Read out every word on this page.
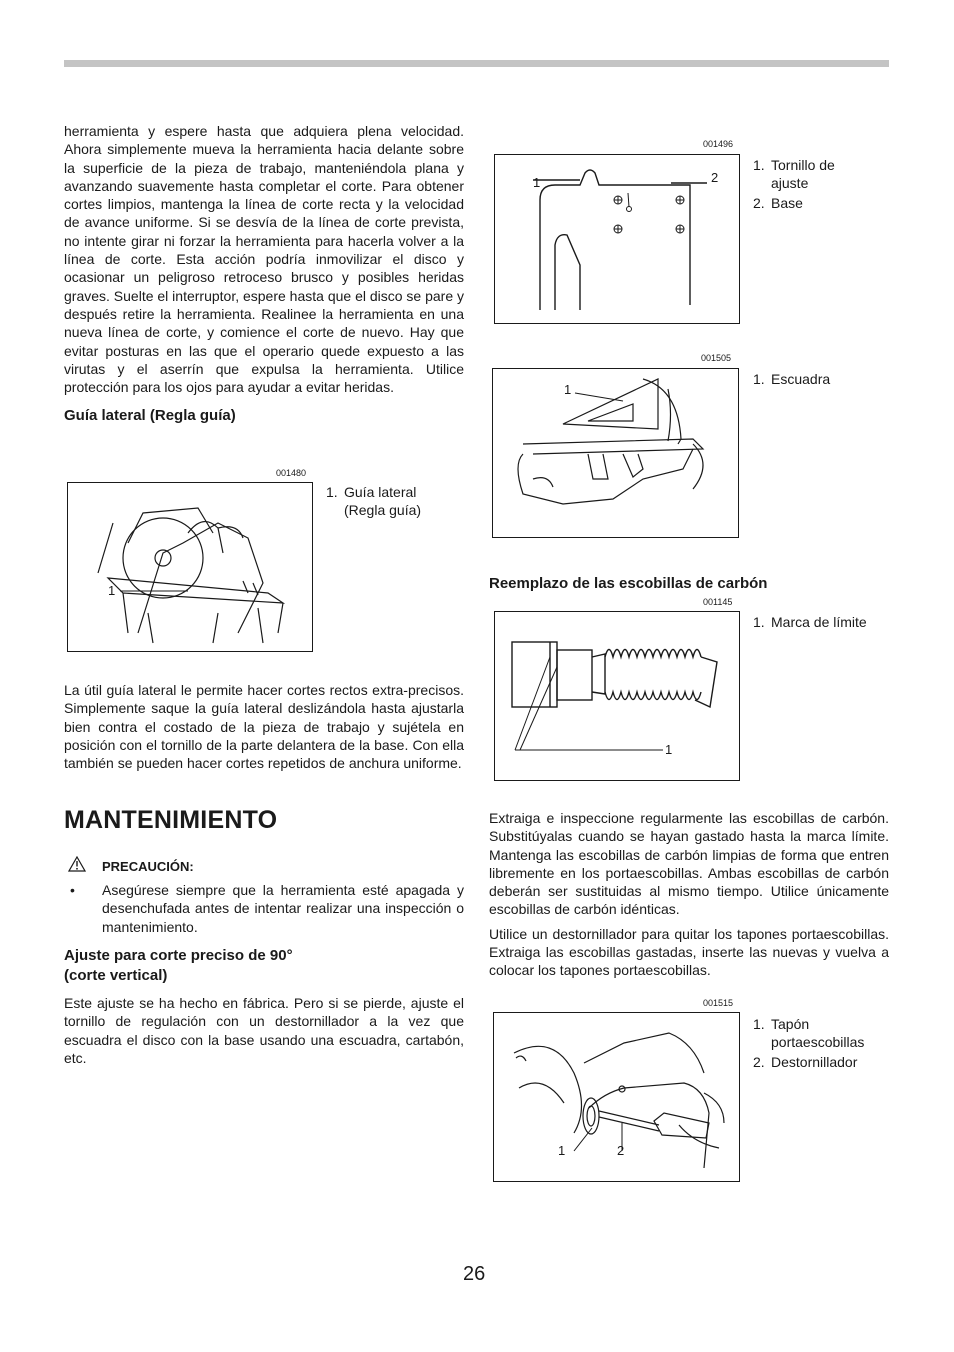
herramienta y espere hasta que adquiera plena velocidad. Ahora simplemente mueva la herramienta hacia delante sobre la superficie de la pieza de trabajo, manteniéndola plana y avanzando suavemente hasta completar el corte. Para obtener cortes limpios, mantenga la línea de corte recta y la velocidad de avance uniforme. Si se desvía de la línea de corte prevista, no intente girar ni forzar la herramienta para hacerla volver a la línea de corte. Esta acción podría inmovilizar el disco y ocasionar un peligroso retroceso brusco y posibles heridas graves. Suelte el interruptor, espere hasta que el disco se pare y después retire la herramienta. Realinee la herramienta en una nueva línea de corte, y comience el corte de nuevo. Hay que evitar posturas en las que el operario quede expuesto a las virutas y el aserrín que expulsa la herramienta. Utilice protección para los ojos para ayudar a evitar heridas.

Guía lateral (Regla guía)

001480
1
1. Guía lateral (Regla guía)

La útil guía lateral le permite hacer cortes rectos extra-precisos. Simplemente saque la guía lateral deslizándola hasta ajustarla bien contra el costado de la pieza de trabajo y sujétela en posición con el tornillo de la parte delantera de la base. Con ella también se pueden hacer cortes repetidos de anchura uniforme.

MANTENIMIENTO

PRECAUCIÓN:
•	Asegúrese siempre que la herramienta esté apagada y desenchufada antes de intentar realizar una inspección o mantenimiento.

Ajuste para corte preciso de 90°

(corte vertical)

Este ajuste se ha hecho en fábrica. Pero si se pierde, ajuste el tornillo de regulación con un destornillador a la vez que escuadra el disco con la base usando una escuadra, cartabón, etc.

001496
1	2
1. Tornillo de ajuste
2. Base
001505
1
1. Escuadra

Reemplazo de las escobillas de carbón

001145
1
1. Marca de límite

Extraiga e inspeccione regularmente las escobillas de carbón. Substitúyalas cuando se hayan gastado hasta la marca límite. Mantenga las escobillas de carbón limpias de forma que entren libremente en los portaescobillas. Ambas escobillas de carbón deberán ser sustituidas al mismo tiempo. Utilice únicamente escobillas de carbón idénticas.

Utilice un destornillador para quitar los tapones portaescobillas. Extraiga las escobillas gastadas, inserte las nuevas y vuelva a colocar los tapones portaescobillas.

001515
1	2
1. Tapón portaescobillas
2. Destornillador
26
